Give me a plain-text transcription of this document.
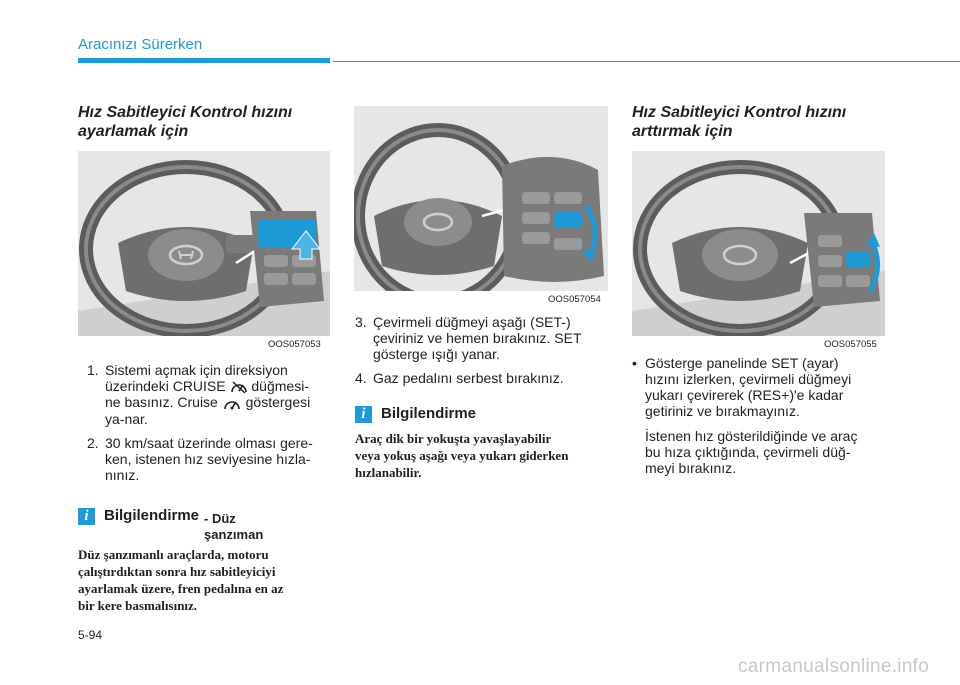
Aracınızı Sürerken
Hız Sabitleyici Kontrol hızını
ayarlamak için
OOS057053
1. Sistemi açmak için direksiyon
üzerindeki CRUISE düğmesi-
ne basınız. Cruise göstergesi
ya-nar.
2. 30 km/saat üzerinde olması gere-
ken, istenen hız seviyesine hızla-
nınız.
i	Bilgilendirme - Düz
şanzıman

Düz şanzımanlı araçlarda, motoru
çalıştırdıktan sonra hız sabitleyiciyi
ayarlamak üzere, fren pedalına en az
bir kere basmalısınız.

OOS057054
3. Çevirmeli düğmeyi aşağı (SET-)
çeviriniz ve hemen bırakınız. SET
gösterge ışığı yanar.
4. Gaz pedalını serbest bırakınız.
i	Bilgilendirme

Araç dik bir yokuşta yavaşlayabilir
veya yokuş aşağı veya yukarı giderken
hızlanabilir.

Hız Sabitleyici Kontrol hızını
arttırmak için
OOS057055
• Gösterge panelinde SET (ayar)
hızını izlerken, çevirmeli düğmeyi
yukarı çevirerek (RES+)'e kadar
getiriniz ve bırakmayınız.

İstenen hız gösterildiğinde ve araç
bu hıza çıktığında, çevirmeli düğ-
meyi bırakınız.

5-94
carmanualsonline.info
